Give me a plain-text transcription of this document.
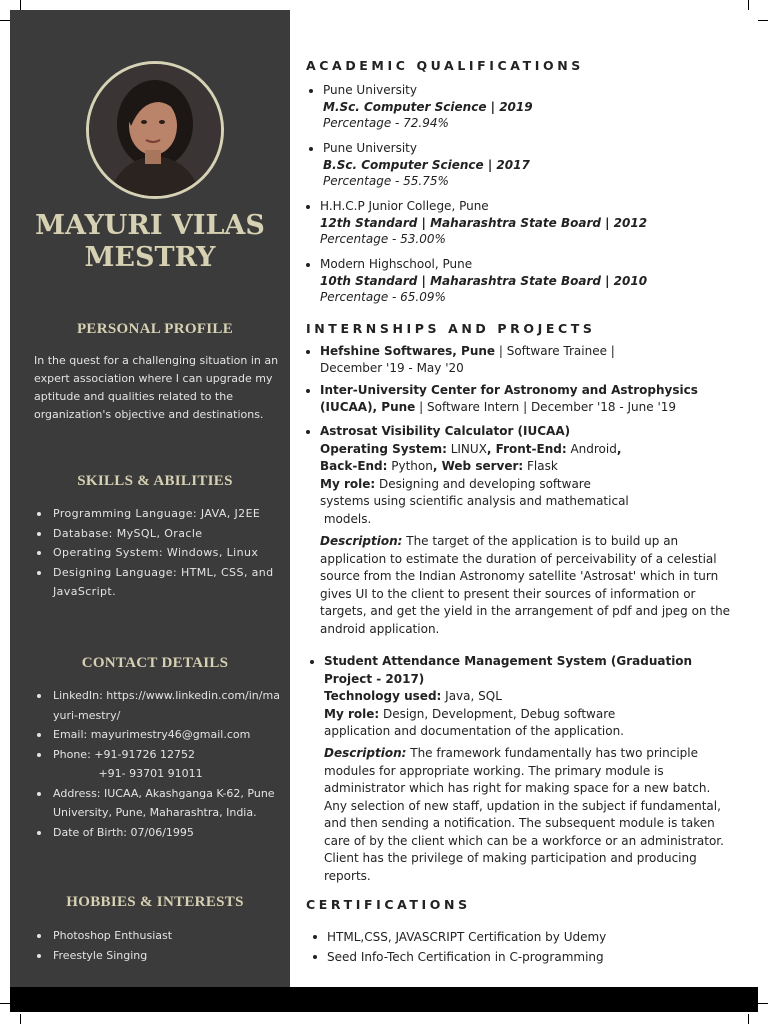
MAYURI VILAS
MESTRY
PERSONAL PROFILE
In the quest for a challenging situation in an expert association where I can upgrade my aptitude and qualities related to the organization's objective and destinations.
SKILLS & ABILITIES
Programming Language: JAVA, J2EE
Database: MySQL, Oracle
Operating System: Windows, Linux
Designing Language: HTML, CSS, and JavaScript.
CONTACT DETAILS
LinkedIn: https://www.linkedin.com/in/mayuri-mestry/
Email: mayurimestry46@gmail.com
Phone: +91-91726 12752
+91- 93701 91011
Address: IUCAA, Akashganga K-62, Pune University, Pune, Maharashtra, India.
Date of Birth: 07/06/1995
HOBBIES & INTERESTS
Photoshop Enthusiast
Freestyle Singing
ACADEMIC QUALIFICATIONS
Pune University
M.Sc. Computer Science | 2019
Percentage - 72.94%
Pune University
B.Sc. Computer Science | 2017
Percentage - 55.75%
H.H.C.P Junior College, Pune
12th Standard | Maharashtra State Board | 2012
Percentage - 53.00%
Modern Highschool, Pune
10th Standard | Maharashtra State Board | 2010
Percentage - 65.09%
INTERNSHIPS AND PROJECTS
Hefshine Softwares, Pune | Software Trainee |
December '19 - May '20
Inter-University Center for Astronomy and Astrophysics
(IUCAA), Pune | Software Intern | December '18 - June '19
Astrosat Visibility Calculator (IUCAA)
Operating System: LINUX, Front-End: Android,
Back-End: Python, Web server: Flask
My role: Designing and developing software
systems using scientific analysis and mathematical
models.
Description: The target of the application is to build up an application to estimate the duration of perceivability of a celestial source from the Indian Astronomy satellite 'Astrosat' which in turn gives UI to the client to present their sources of information or targets, and get the yield in the arrangement of pdf and jpeg on the android application.
Student Attendance Management System (Graduation
Project - 2017)
Technology used: Java, SQL
My role: Design, Development, Debug software
application and documentation of the application.
Description: The framework fundamentally has two principle modules for appropriate working. The primary module is administrator which has right for making space for a new batch. Any selection of new staff, updation in the subject if fundamental, and then sending a notification. The subsequent module is taken care of by the client which can be a workforce or an administrator. Client has the privilege of making participation and producing reports.
CERTIFICATIONS
HTML,CSS, JAVASCRIPT Certification by Udemy
Seed Info-Tech Certification in C-programming
